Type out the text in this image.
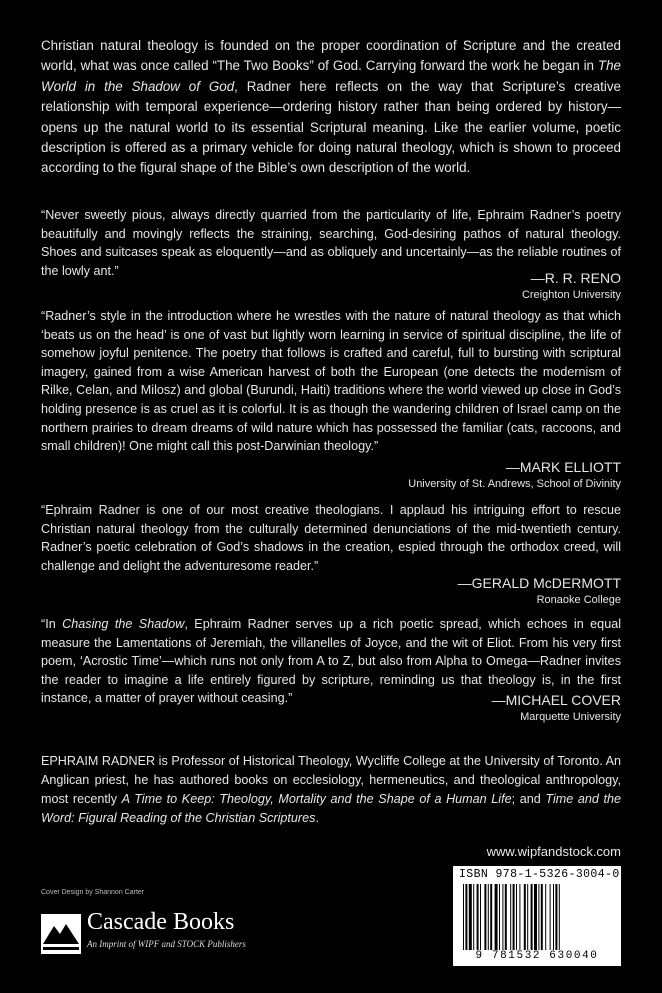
Christian natural theology is founded on the proper coordination of Scripture and the created world, what was once called “The Two Books” of God. Carrying forward the work he began in The World in the Shadow of God, Radner here reflects on the way that Scripture’s creative relationship with temporal experience—ordering history rather than being ordered by history—opens up the natural world to its essential Scriptural meaning. Like the earlier volume, poetic description is offered as a primary vehicle for doing natural theology, which is shown to proceed according to the figural shape of the Bible’s own description of the world.

“Never sweetly pious, always directly quarried from the particularity of life, Ephraim Radner’s poetry beautifully and movingly reflects the straining, searching, God-desiring pathos of natural theology. Shoes and suitcases speak as eloquently—and as obliquely and uncertainly—as the reliable routines of the lowly ant.”	—R. R. RENO

Creighton University

“Radner’s style in the introduction where he wrestles with the nature of natural theology as that which ‘beats us on the head’ is one of vast but lightly worn learning in service of spiritual discipline, the life of somehow joyful penitence. The poetry that follows is crafted and careful, full to bursting with scriptural imagery, gained from a wise American harvest of both the European (one detects the modernism of Rilke, Celan, and Milosz) and global (Burundi, Haiti) traditions where the world viewed up close in God’s holding presence is as cruel as it is colorful. It is as though the wandering children of Israel camp on the northern prairies to dream dreams of wild nature which has possessed the familiar (cats, raccoons, and small children)! One might call this post-Darwinian theology.”

—MARK ELLIOTT

University of St. Andrews, School of Divinity

“Ephraim Radner is one of our most creative theologians. I applaud his intriguing effort to rescue Christian natural theology from the culturally determined denunciations of the mid-twentieth century. Radner’s poetic celebration of God’s shadows in the creation, espied through the orthodox creed, will challenge and delight the adventuresome reader.”

—GERALD McDERMOTT

Ronaoke College

“In Chasing the Shadow, Ephraim Radner serves up a rich poetic spread, which echoes in equal measure the Lamentations of Jeremiah, the villanelles of Joyce, and the wit of Eliot. From his very first poem, ‘Acrostic Time’—which runs not only from A to Z, but also from Alpha to Omega—Radner invites the reader to imagine a life entirely figured by scripture, reminding us that theology is, in the first instance, a matter of prayer without ceasing.”	—MICHAEL COVER

Marquette University

EPHRAIM RADNER is Professor of Historical Theology, Wycliffe College at the University of Toronto. An Anglican priest, he has authored books on ecclesiology, hermeneutics, and theological anthropology, most recently A Time to Keep: Theology, Mortality and the Shape of a Human Life; and Time and the Word: Figural Reading of the Christian Scriptures.

www.wipfandstock.com
ISBN 978-1-5326-3004-0
9 781532 630040
Cover Design by Shannon Carter
Cascade Books
An Imprint of WIPF and STOCK Publishers
